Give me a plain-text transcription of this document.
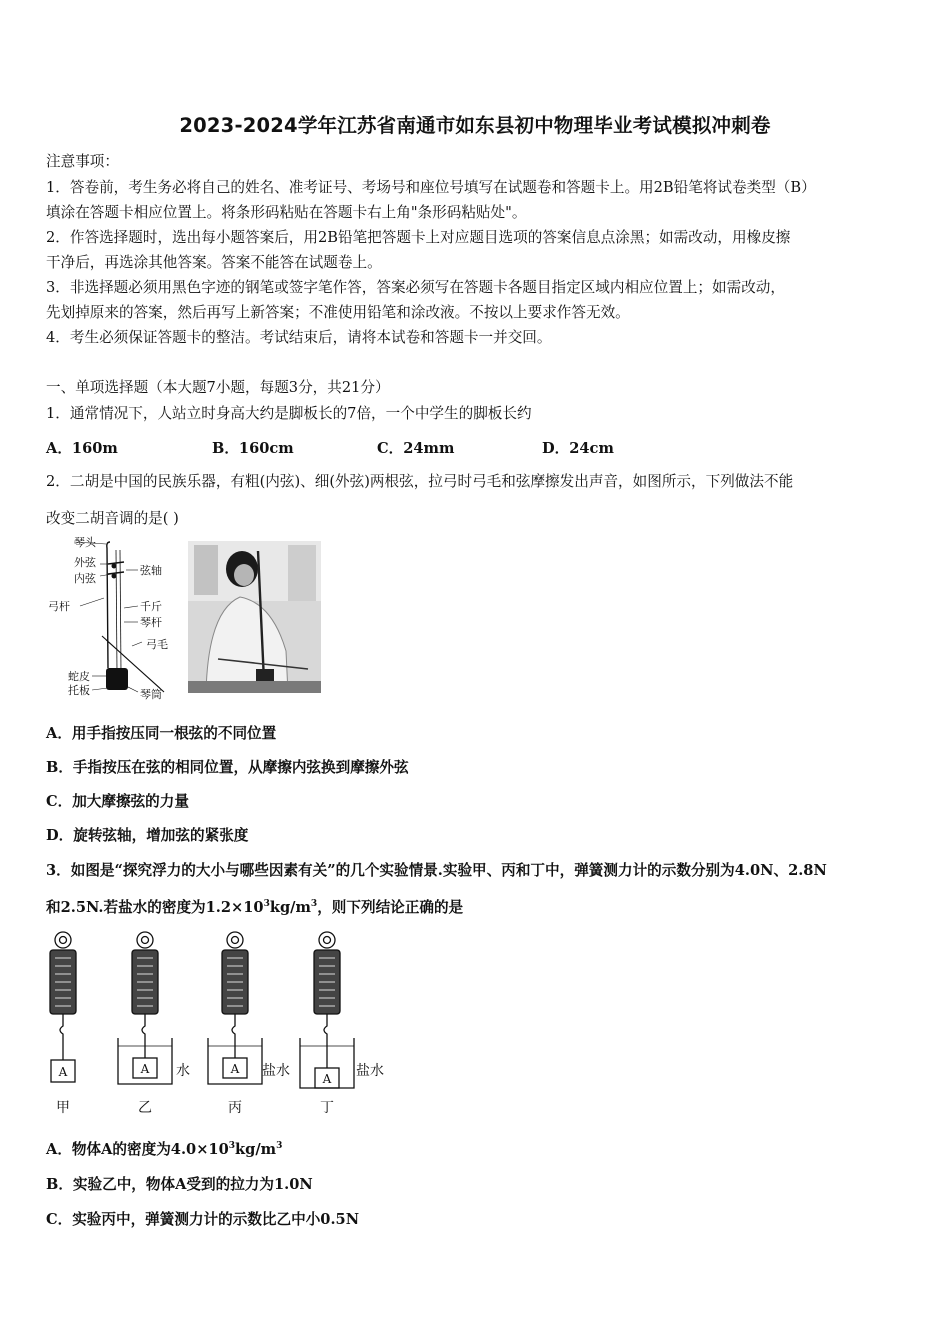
2023-2024学年江苏省南通市如东县初中物理毕业考试模拟冲刺卷
注意事项：
1．答卷前，考生务必将自己的姓名、准考证号、考场号和座位号填写在试题卷和答题卡上。用2B铅笔将试卷类型（B）
填涂在答题卡相应位置上。将条形码粘贴在答题卡右上角"条形码粘贴处"。
2．作答选择题时，选出每小题答案后，用2B铅笔把答题卡上对应题目选项的答案信息点涂黑；如需改动，用橡皮擦
干净后，再选涂其他答案。答案不能答在试题卷上。
3．非选择题必须用黑色字迹的钢笔或签字笔作答，答案必须写在答题卡各题目指定区域内相应位置上；如需改动，
先划掉原来的答案，然后再写上新答案；不准使用铅笔和涂改液。不按以上要求作答无效。
4．考生必须保证答题卡的整洁。考试结束后，请将本试卷和答题卡一并交回。
一、单项选择题（本大题7小题，每题3分，共21分）
1．通常情况下，人站立时身高大约是脚板长的7倍，一个中学生的脚板长约
A．160m	B．160cm	C．24mm	D．24cm
2．二胡是中国的民族乐器，有粗(内弦)、细(外弦)两根弦，拉弓时弓毛和弦摩擦发出声音，如图所示，下列做法不能
改变二胡音调的是( )
琴头
外弦
内弦
弦轴
弓杆	千斤
琴杆
弓毛
蛇皮
托板	琴筒
A．用手指按压同一根弦的不同位置
B．手指按压在弦的相同位置，从摩擦内弦换到摩擦外弦
C．加大摩擦弦的力量
D．旋转弦轴，增加弦的紧张度
3．如图是“探究浮力的大小与哪些因素有关”的几个实验情景.实验甲、丙和丁中，弹簧测力计的示数分别为4.0N、2.8N
和2.5N.若盐水的密度为$1.2\times 10^3kg/m^3$，则下列结论正确的是
A	A	A
A
水	盐水	盐水
甲	乙	丙	丁
A．物体A的密度为$4.0\times 10^3kg/m^3$
B．实验乙中，物体A受到的拉力为1.0N
C．实验丙中，弹簧测力计的示数比乙中小0.5N
